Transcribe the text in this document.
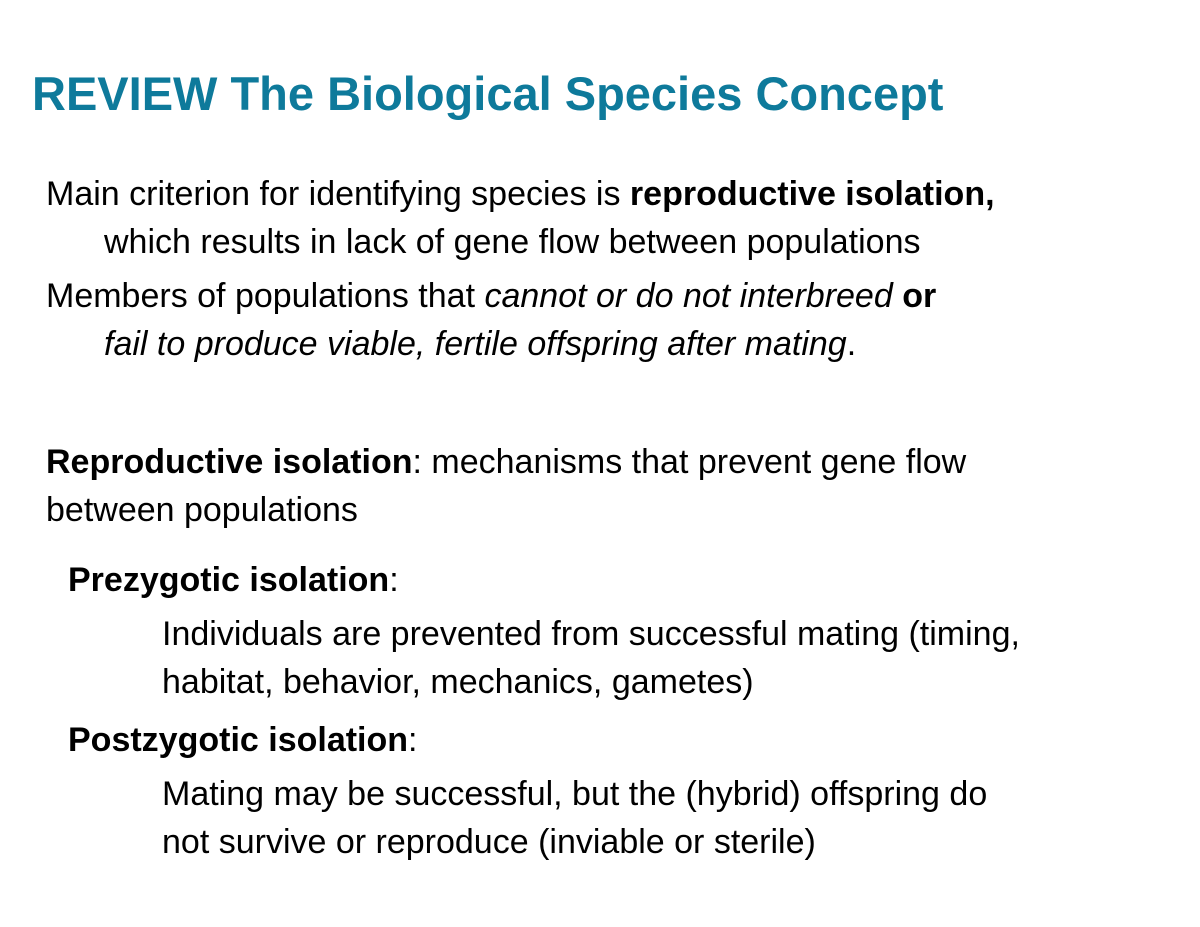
REVIEW The Biological Species Concept
Main criterion for identifying species is reproductive isolation,
which results in lack of gene flow between populations
Members of populations that cannot or do not interbreed or
fail to produce viable, fertile offspring after mating.
Reproductive isolation: mechanisms that prevent gene flow
between populations
Prezygotic isolation:
Individuals are prevented from successful mating (timing,
habitat, behavior, mechanics, gametes)
Postzygotic isolation:
Mating may be successful, but the (hybrid) offspring do
not survive or reproduce (inviable or sterile)
